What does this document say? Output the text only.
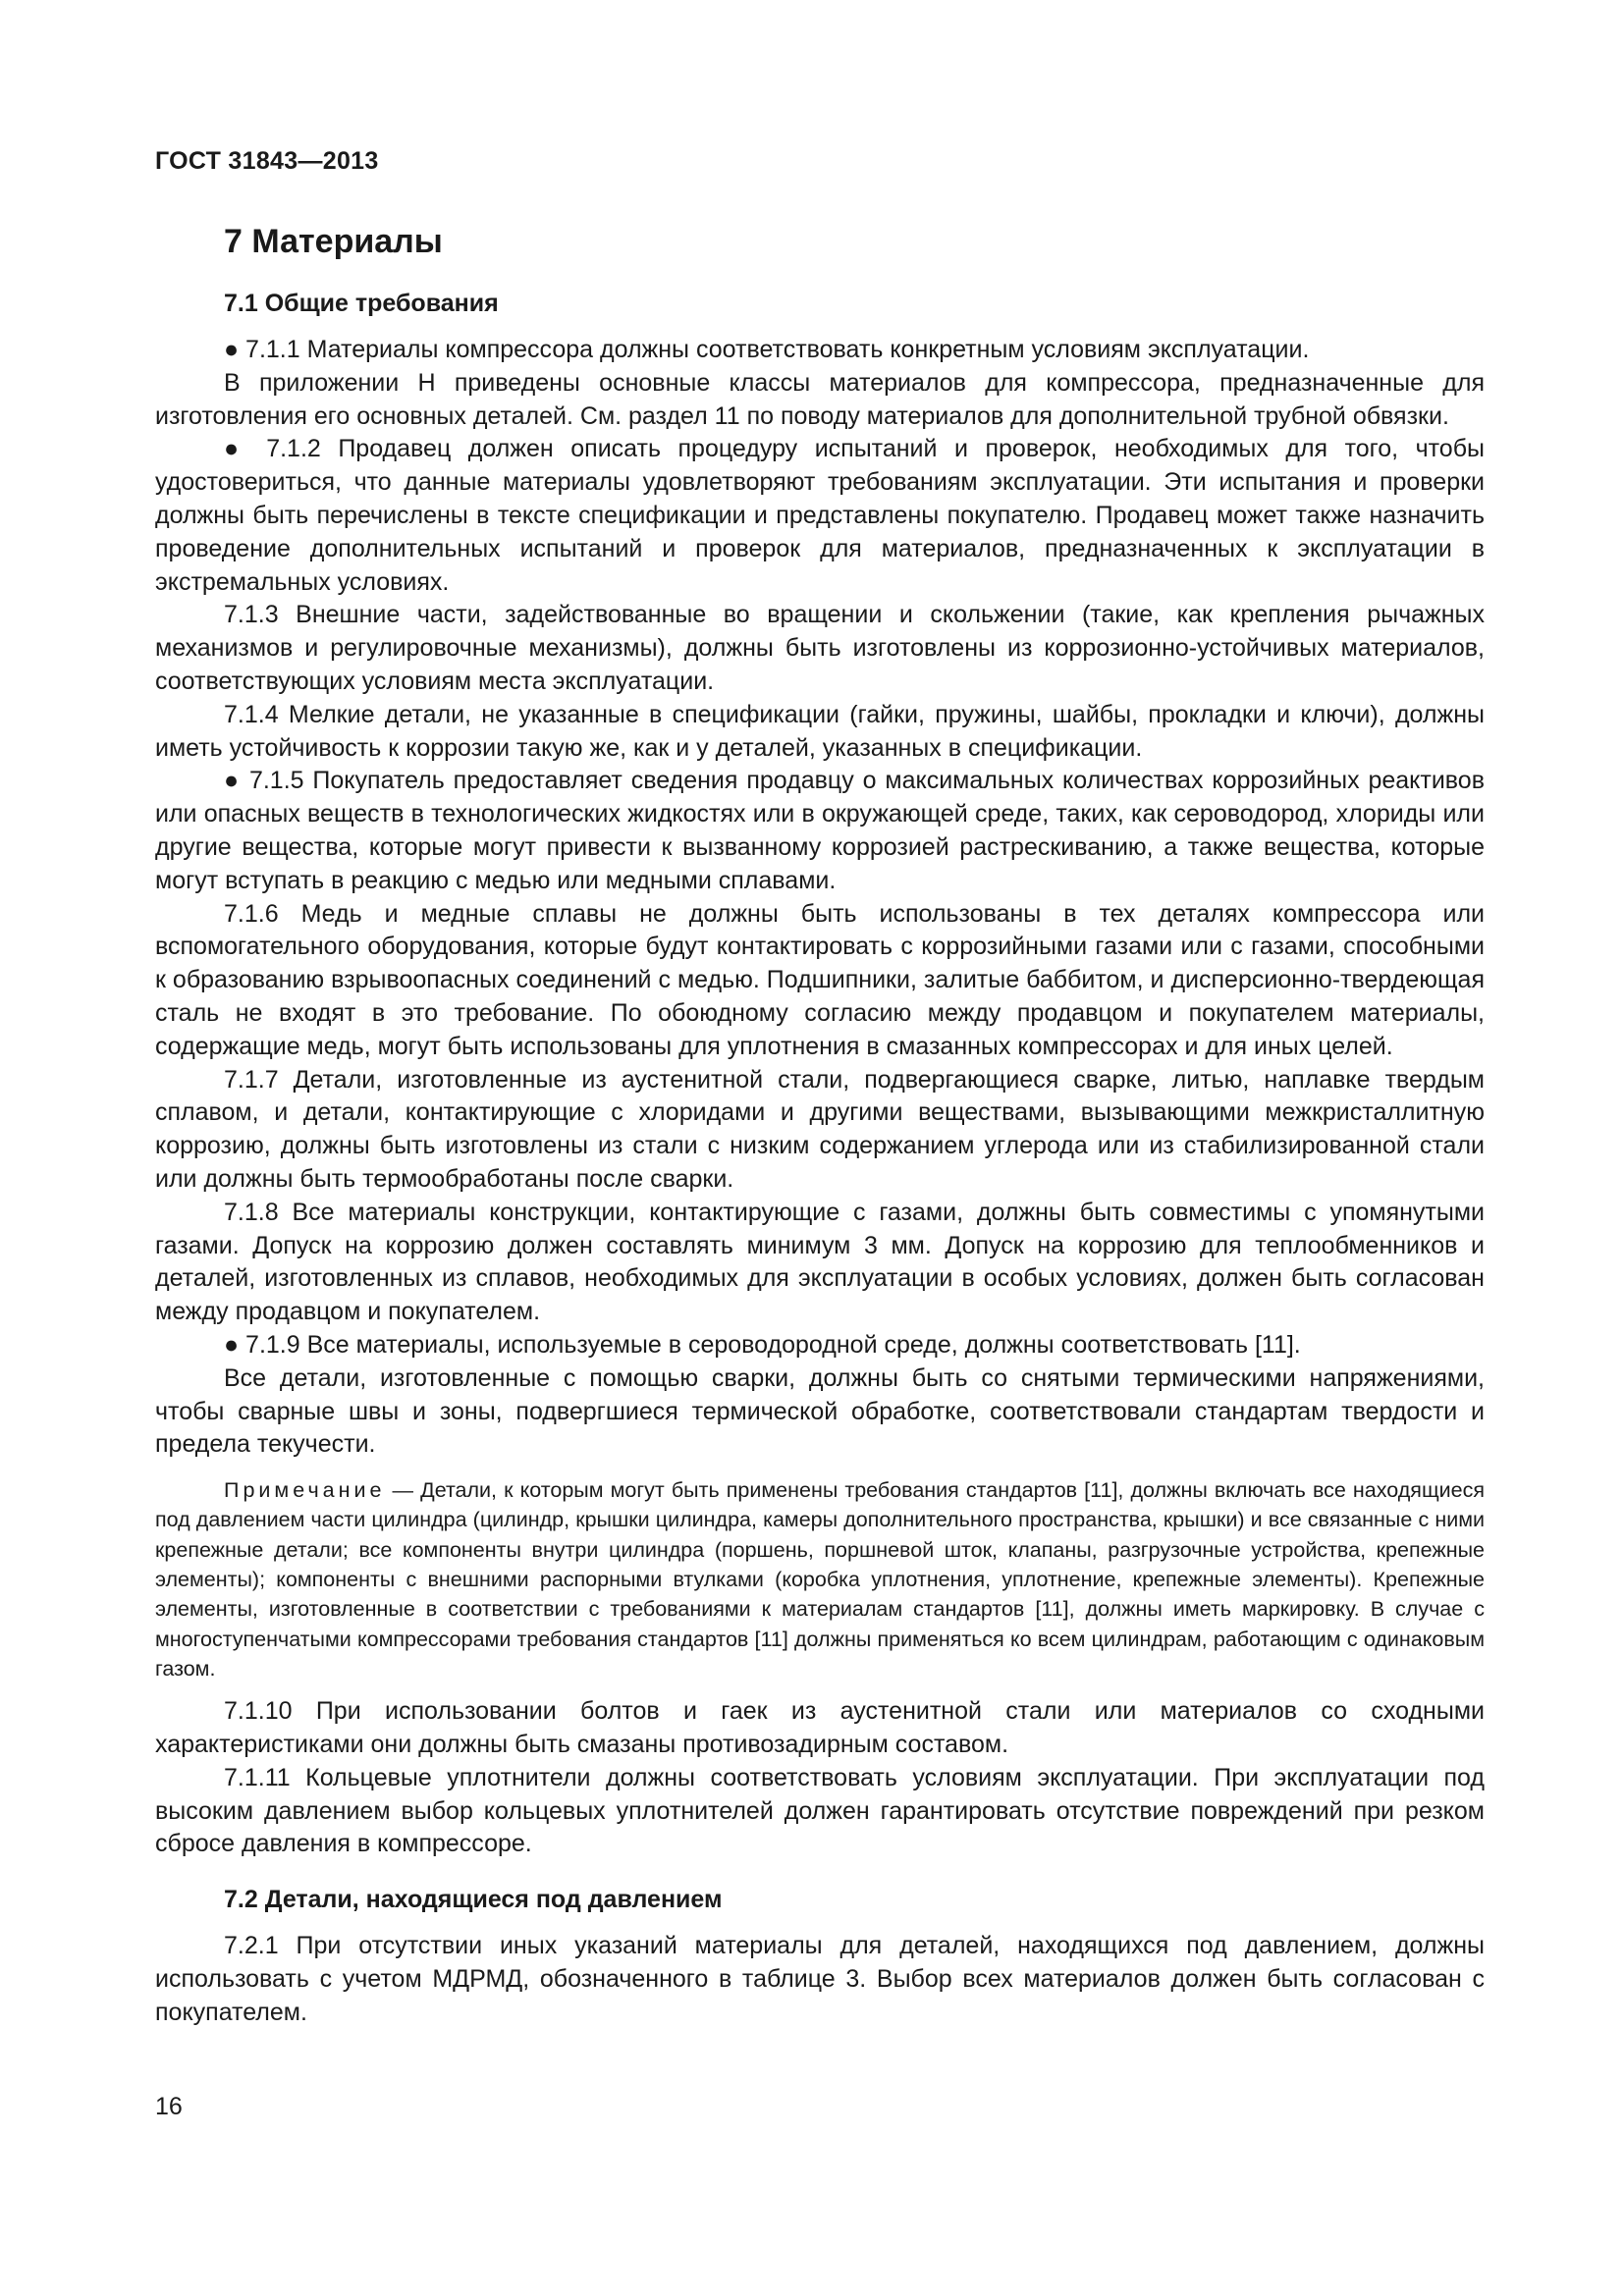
ГОСТ 31843—2013
7 Материалы
7.1 Общие требования

● 7.1.1 Материалы компрессора должны соответствовать конкретным условиям эксплуатации.

В приложении Н приведены основные классы материалов для компрессора, предназначенные для изготовления его основных деталей. См. раздел 11 по поводу материалов для дополнительной трубной обвязки.

● 7.1.2 Продавец должен описать процедуру испытаний и проверок, необходимых для того, чтобы удостовериться, что данные материалы удовлетворяют требованиям эксплуатации. Эти испытания и проверки должны быть перечислены в тексте спецификации и представлены покупателю. Продавец может также назначить проведение дополнительных испытаний и проверок для материалов, предназначенных к эксплуатации в экстремальных условиях.

7.1.3 Внешние части, задействованные во вращении и скольжении (такие, как крепления рычажных механизмов и регулировочные механизмы), должны быть изготовлены из коррозионно-устойчивых материалов, соответствующих условиям места эксплуатации.

7.1.4 Мелкие детали, не указанные в спецификации (гайки, пружины, шайбы, прокладки и ключи), должны иметь устойчивость к коррозии такую же, как и у деталей, указанных в спецификации.

● 7.1.5 Покупатель предоставляет сведения продавцу о максимальных количествах коррозийных реактивов или опасных веществ в технологических жидкостях или в окружающей среде, таких, как сероводород, хлориды или другие вещества, которые могут привести к вызванному коррозией растрескиванию, а также вещества, которые могут вступать в реакцию с медью или медными сплавами.

7.1.6 Медь и медные сплавы не должны быть использованы в тех деталях компрессора или вспомогательного оборудования, которые будут контактировать с коррозийными газами или с газами, способными к образованию взрывоопасных соединений с медью. Подшипники, залитые баббитом, и дисперсионно-твердеющая сталь не входят в это требование. По обоюдному согласию между продавцом и покупателем материалы, содержащие медь, могут быть использованы для уплотнения в смазанных компрессорах и для иных целей.

7.1.7 Детали, изготовленные из аустенитной стали, подвергающиеся сварке, литью, наплавке твердым сплавом, и детали, контактирующие с хлоридами и другими веществами, вызывающими межкристаллитную коррозию, должны быть изготовлены из стали с низким содержанием углерода или из стабилизированной стали или должны быть термообработаны после сварки.

7.1.8 Все материалы конструкции, контактирующие с газами, должны быть совместимы с упомянутыми газами. Допуск на коррозию должен составлять минимум 3 мм. Допуск на коррозию для теплообменников и деталей, изготовленных из сплавов, необходимых для эксплуатации в особых условиях, должен быть согласован между продавцом и покупателем.

● 7.1.9 Все материалы, используемые в сероводородной среде, должны соответствовать [11].

Все детали, изготовленные с помощью сварки, должны быть со снятыми термическими напряжениями, чтобы сварные швы и зоны, подвергшиеся термической обработке, соответствовали стандартам твердости и предела текучести.

Примечание — Детали, к которым могут быть применены требования стандартов [11], должны включать все находящиеся под давлением части цилиндра (цилиндр, крышки цилиндра, камеры дополнительного пространства, крышки) и все связанные с ними крепежные детали; все компоненты внутри цилиндра (поршень, поршневой шток, клапаны, разгрузочные устройства, крепежные элементы); компоненты с внешними распорными втулками (коробка уплотнения, уплотнение, крепежные элементы). Крепежные элементы, изготовленные в соответствии с требованиями к материалам стандартов [11], должны иметь маркировку. В случае с многоступенчатыми компрессорами требования стандартов [11] должны применяться ко всем цилиндрам, работающим с одинаковым газом.

7.1.10 При использовании болтов и гаек из аустенитной стали или материалов со сходными характеристиками они должны быть смазаны противозадирным составом.

7.1.11 Кольцевые уплотнители должны соответствовать условиям эксплуатации. При эксплуатации под высоким давлением выбор кольцевых уплотнителей должен гарантировать отсутствие повреждений при резком сбросе давления в компрессоре.

7.2 Детали, находящиеся под давлением

7.2.1 При отсутствии иных указаний материалы для деталей, находящихся под давлением, должны использовать с учетом МДРМД, обозначенного в таблице 3. Выбор всех материалов должен быть согласован с покупателем.

16
